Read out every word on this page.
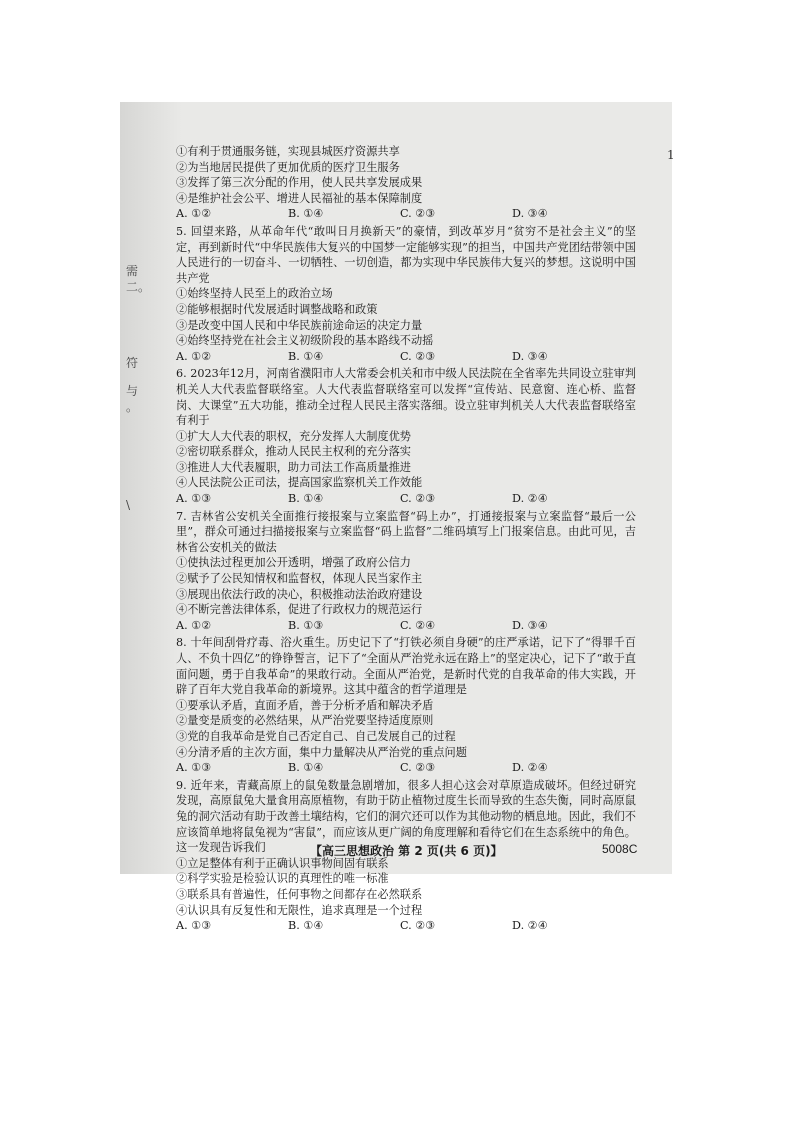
需
二。
符
与
。
\
1
①有利于贯通服务链，实现县城医疗资源共享
②为当地居民提供了更加优质的医疗卫生服务
③发挥了第三次分配的作用，使人民共享发展成果
④是维护社会公平、增进人民福祉的基本保障制度
A. ①②	B. ①④	C. ②③	D. ③④
5. 回望来路，从革命年代“敢叫日月换新天”的豪情，到改革岁月“贫穷不是社会主义”的坚定，再到新时代“中华民族伟大复兴的中国梦一定能够实现”的担当，中国共产党团结带领中国人民进行的一切奋斗、一切牺牲、一切创造，都为实现中华民族伟大复兴的梦想。这说明中国共产党
①始终坚持人民至上的政治立场
②能够根据时代发展适时调整战略和政策
③是改变中国人民和中华民族前途命运的决定力量
④始终坚持党在社会主义初级阶段的基本路线不动摇
A. ①②	B. ①④	C. ②③	D. ③④
6. 2023年12月，河南省濮阳市人大常委会机关和市中级人民法院在全省率先共同设立驻审判机关人大代表监督联络室。人大代表监督联络室可以发挥“宣传站、民意窗、连心桥、监督岗、大课堂”五大功能，推动全过程人民民主落实落细。设立驻审判机关人大代表监督联络室有利于
①扩大人大代表的职权，充分发挥人大制度优势
②密切联系群众，推动人民民主权利的充分落实
③推进人大代表履职，助力司法工作高质量推进
④人民法院公正司法，提高国家监察机关工作效能
A. ①③	B. ①④	C. ②③	D. ②④
7. 吉林省公安机关全面推行接报案与立案监督“码上办”，打通接报案与立案监督“最后一公里”，群众可通过扫描接报案与立案监督“码上监督”二维码填写上门报案信息。由此可见，吉林省公安机关的做法
①使执法过程更加公开透明，增强了政府公信力
②赋予了公民知情权和监督权，体现人民当家作主
③展现出依法行政的决心，积极推动法治政府建设
④不断完善法律体系，促进了行政权力的规范运行
A. ①②	B. ①③	C. ②④	D. ③④
8. 十年间刮骨疗毒、浴火重生。历史记下了“打铁必须自身硬”的庄严承诺，记下了“得罪千百人、不负十四亿”的铮铮誓言，记下了“全面从严治党永远在路上”的坚定决心，记下了“敢于直面问题，勇于自我革命”的果敢行动。全面从严治党，是新时代党的自我革命的伟大实践，开辟了百年大党自我革命的新境界。这其中蕴含的哲学道理是
①要承认矛盾，直面矛盾，善于分析矛盾和解决矛盾
②量变是质变的必然结果，从严治党要坚持适度原则
③党的自我革命是党自己否定自己、自己发展自己的过程
④分清矛盾的主次方面，集中力量解决从严治党的重点问题
A. ①③	B. ①④	C. ②③	D. ②④
9. 近年来，青藏高原上的鼠兔数量急剧增加，很多人担心这会对草原造成破坏。但经过研究发现，高原鼠兔大量食用高原植物，有助于防止植物过度生长而导致的生态失衡，同时高原鼠兔的洞穴活动有助于改善土壤结构，它们的洞穴还可以作为其他动物的栖息地。因此，我们不应该简单地将鼠兔视为“害鼠”，而应该从更广阔的角度理解和看待它们在生态系统中的角色。这一发现告诉我们
①立足整体有利于正确认识事物间固有联系
②科学实验是检验认识的真理性的唯一标准
③联系具有普遍性，任何事物之间都存在必然联系
④认识具有反复性和无限性，追求真理是一个过程
A. ①③	B. ①④	C. ②③	D. ②④
【高三思想政治 第 2 页(共 6 页)】	5008C
